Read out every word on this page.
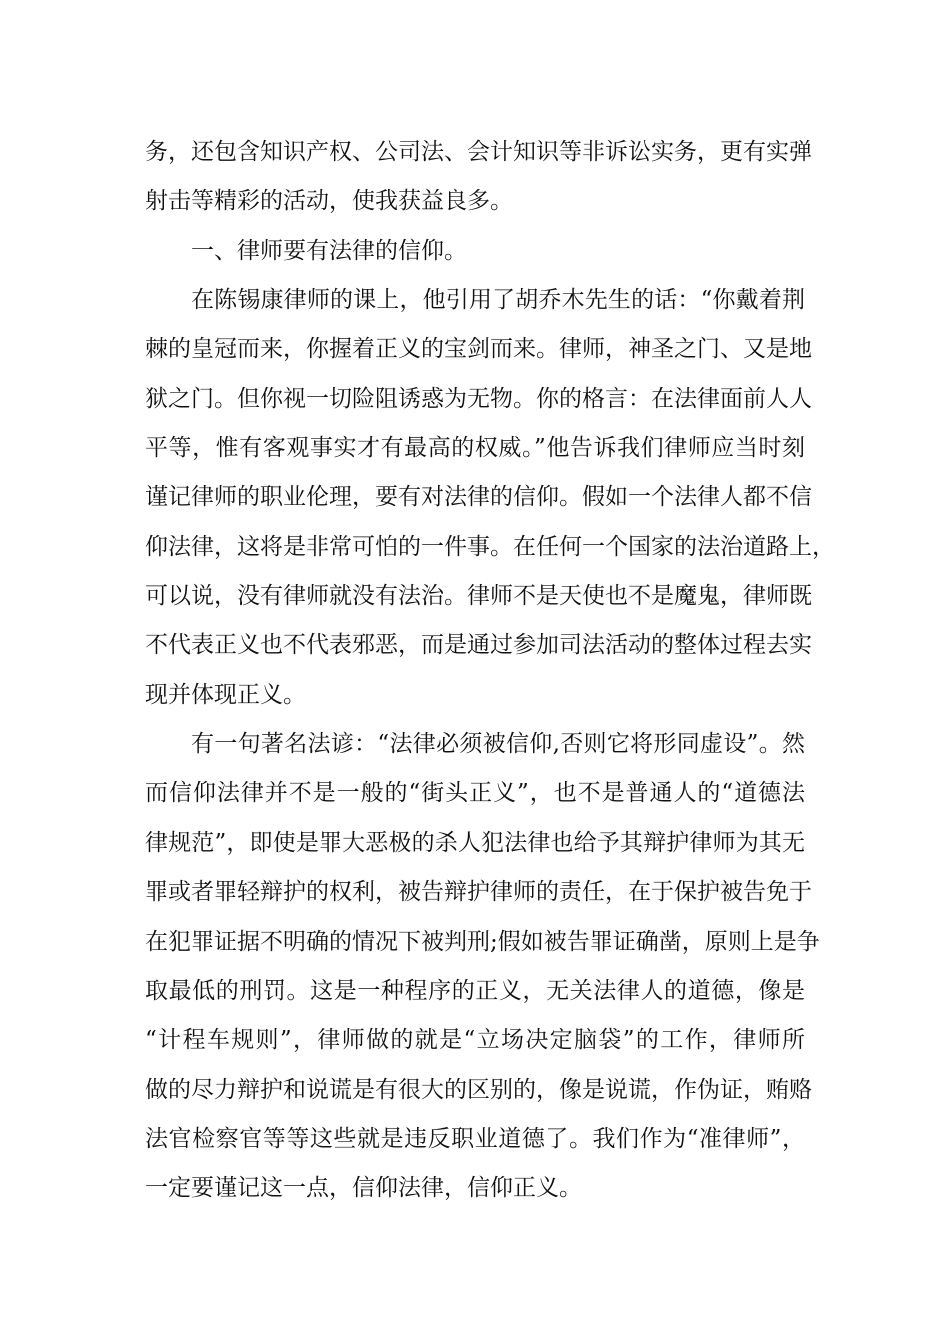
务，还包含知识产权、公司法、会计知识等非诉讼实务，更有实弹
射击等精彩的活动，使我获益良多。
一、律师要有法律的信仰。
在陈锡康律师的课上，他引用了胡乔木先生的话：“你戴着荆
棘的皇冠而来，你握着正义的宝剑而来。律师，神圣之门、又是地
狱之门。但你视一切险阻诱惑为无物。你的格言：在法律面前人人
平等，惟有客观事实才有最高的权威。”他告诉我们律师应当时刻
谨记律师的职业伦理，要有对法律的信仰。假如一个法律人都不信
仰法律，这将是非常可怕的一件事。在任何一个国家的法治道路上，
可以说，没有律师就没有法治。律师不是天使也不是魔鬼，律师既
不代表正义也不代表邪恶，而是通过参加司法活动的整体过程去实
现并体现正义。
有一句著名法谚：“法律必须被信仰,否则它将形同虚设”。然
而信仰法律并不是一般的“街头正义”，也不是普通人的“道德法
律规范”，即使是罪大恶极的杀人犯法律也给予其辩护律师为其无
罪或者罪轻辩护的权利，被告辩护律师的责任，在于保护被告免于
在犯罪证据不明确的情况下被判刑;假如被告罪证确凿，原则上是争
取最低的刑罚。这是一种程序的正义，无关法律人的道德，像是
“计程车规则”，律师做的就是“立场决定脑袋”的工作，律师所
做的尽力辩护和说谎是有很大的区别的，像是说谎，作伪证，贿赂
法官检察官等等这些就是违反职业道德了。我们作为“准律师”，
一定要谨记这一点，信仰法律，信仰正义。
